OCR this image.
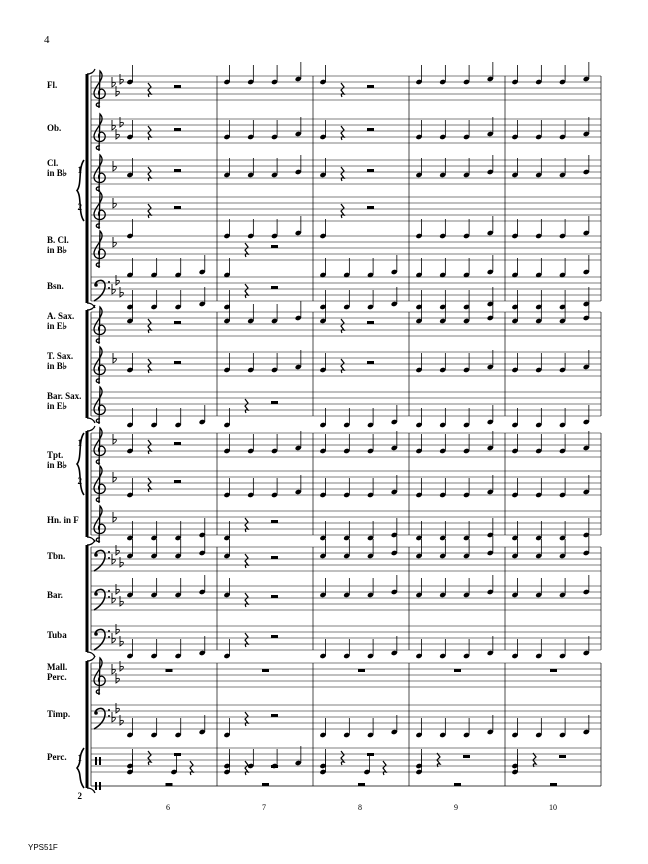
4
Fl.
Ob.
Cl.
in B♭ 1
2
B. Cl.
in B♭
Bsn.
A. Sax.
in E♭
T. Sax.
in B♭
Bar. Sax.
in E♭
Tpt.
in B♭
1
2
Hn. in F
Tbn.
Bar.
Tuba
Mall.
Perc.
Timp.
Perc. 1
2
6	7	8	9	10
YPS51F
